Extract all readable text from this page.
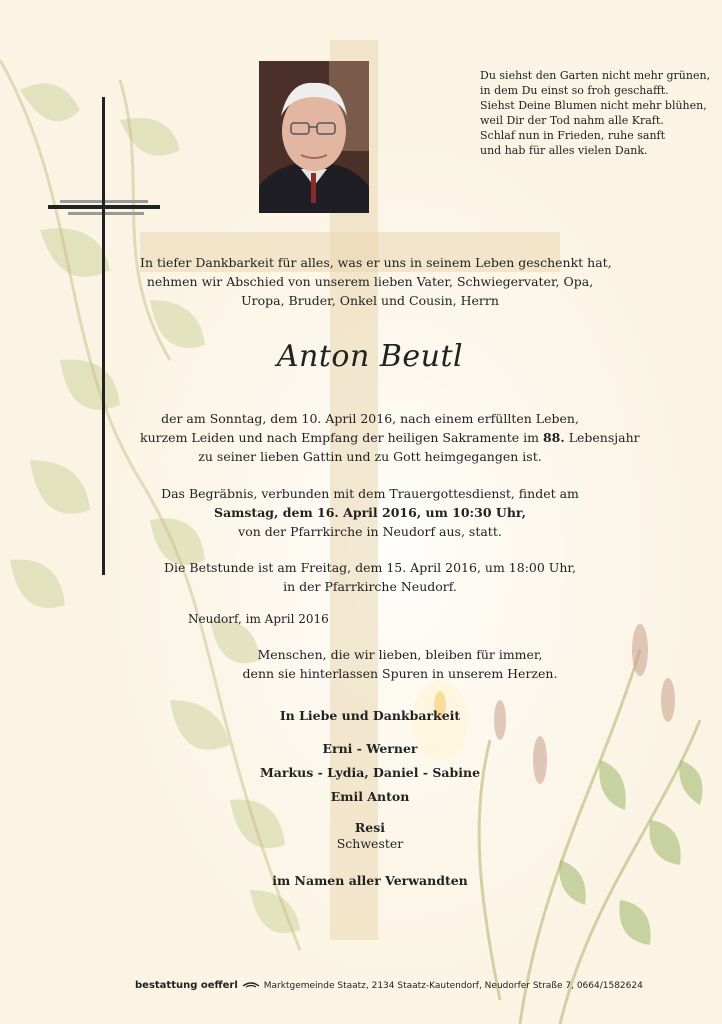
Du siehst den Garten nicht mehr grünen,
in dem Du einst so froh geschafft.
Siehst Deine Blumen nicht mehr blühen,
weil Dir der Tod nahm alle Kraft.
Schlaf nun in Frieden, ruhe sanft
und hab für alles vielen Dank.
In tiefer Dankbarkeit für alles, was er uns in seinem Leben geschenkt hat,
nehmen wir Abschied von unserem lieben Vater, Schwiegervater, Opa,
Uropa, Bruder, Onkel und Cousin, Herrn
Anton Beutl
der am Sonntag, dem 10. April 2016, nach einem erfüllten Leben,
kurzem Leiden und nach Empfang der heiligen Sakramente im 88. Lebensjahr
zu seiner lieben Gattin und zu Gott heimgegangen ist.
Das Begräbnis, verbunden mit dem Trauergottesdienst, findet am
Samstag, dem 16. April 2016, um 10:30 Uhr,
von der Pfarrkirche in Neudorf aus, statt.
Die Betstunde ist am Freitag, dem 15. April 2016, um 18:00 Uhr,
in der Pfarrkirche Neudorf.
Neudorf, im April 2016
Menschen, die wir lieben, bleiben für immer,
denn sie hinterlassen Spuren in unserem Herzen.
In Liebe und Dankbarkeit
Erni - Werner
Markus - Lydia, Daniel - Sabine
Emil Anton
Resi
Schwester
im Namen aller Verwandten
bestattung oefferl	Marktgemeinde Staatz, 2134 Staatz-Kautendorf, Neudorfer Straße 7, 0664/1582624
